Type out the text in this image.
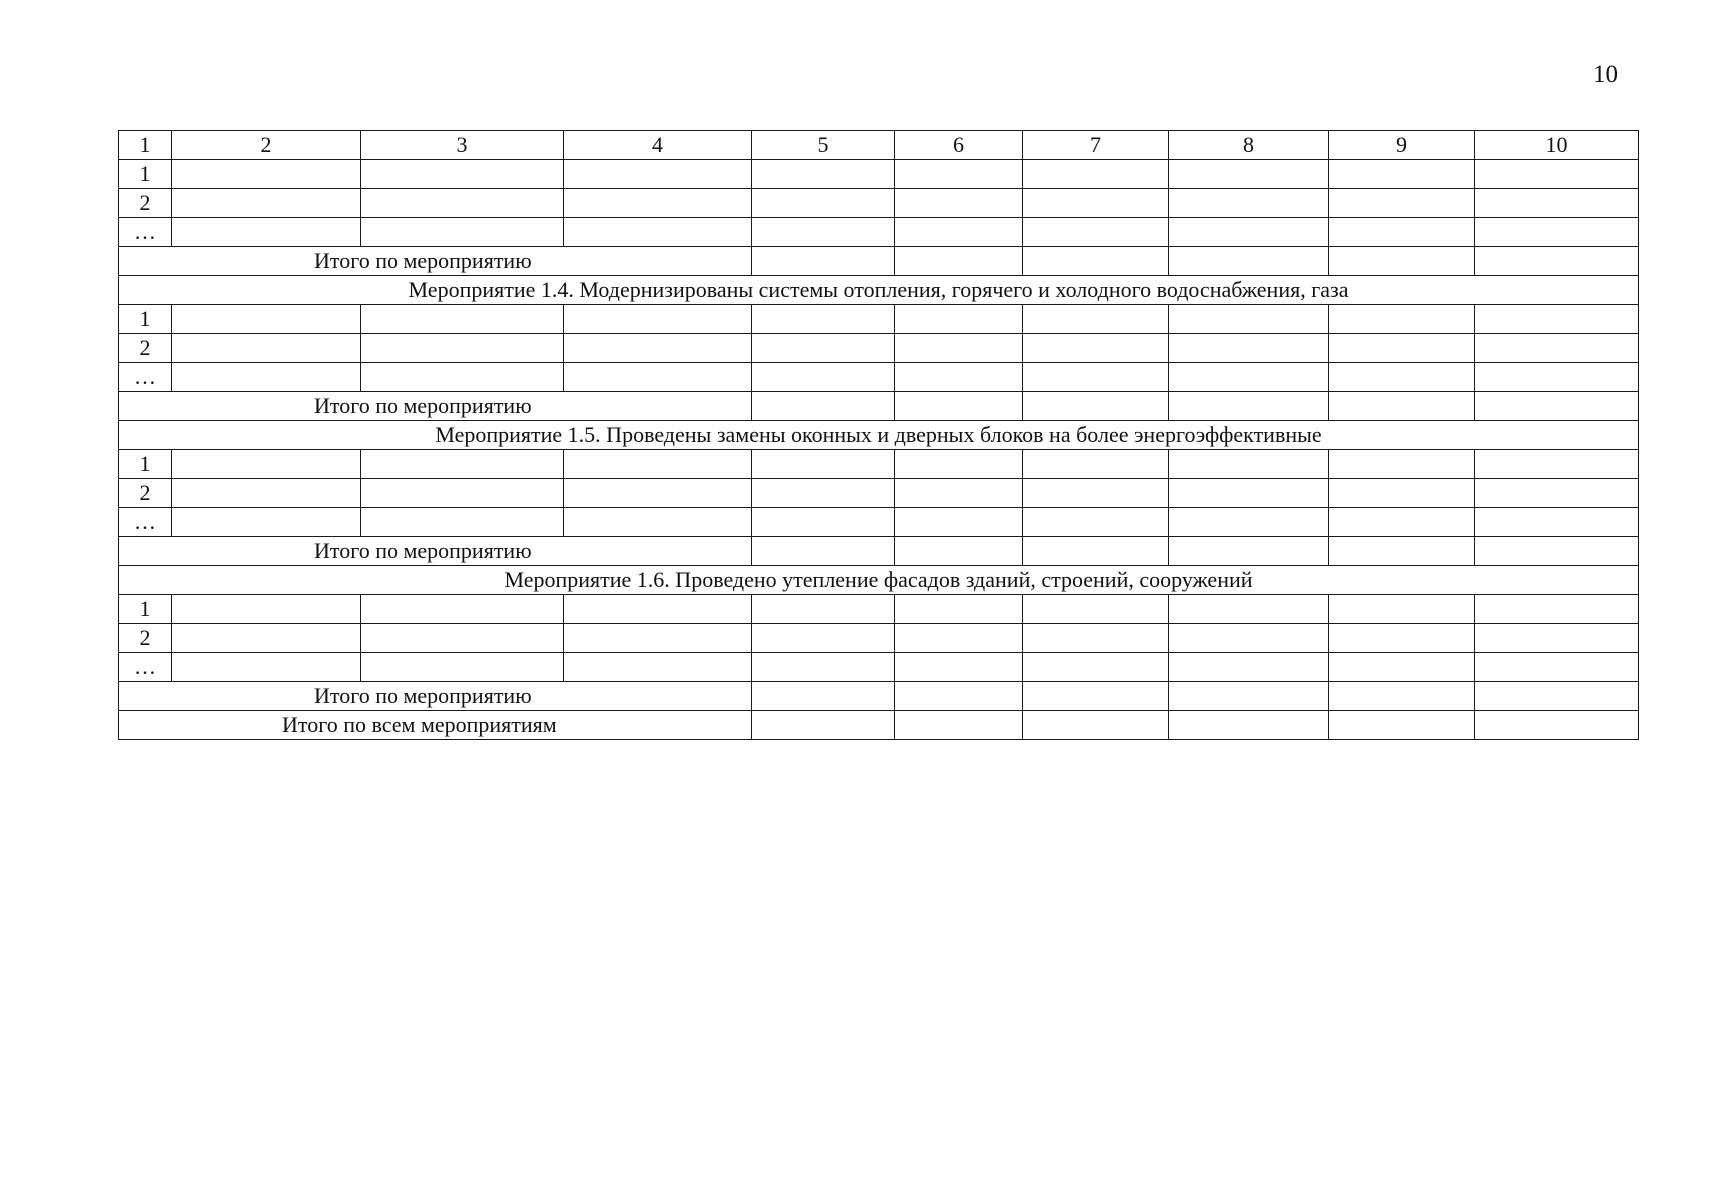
10
1	2	3	4	5	6	7	8	9	10
1									
2									
…									
Итого по мероприятию									
Мероприятие 1.4. Модернизированы системы отопления, горячего и холодного водоснабжения, газа									
1									
2									
…									
Итого по мероприятию									
Мероприятие 1.5. Проведены замены оконных и дверных блоков на более энергоэффективные									
1									
2									
…									
Итого по мероприятию									
Мероприятие 1.6. Проведено утепление фасадов зданий, строений, сооружений									
1									
2									
…									
Итого по мероприятию									
Итого по всем мероприятиям									
